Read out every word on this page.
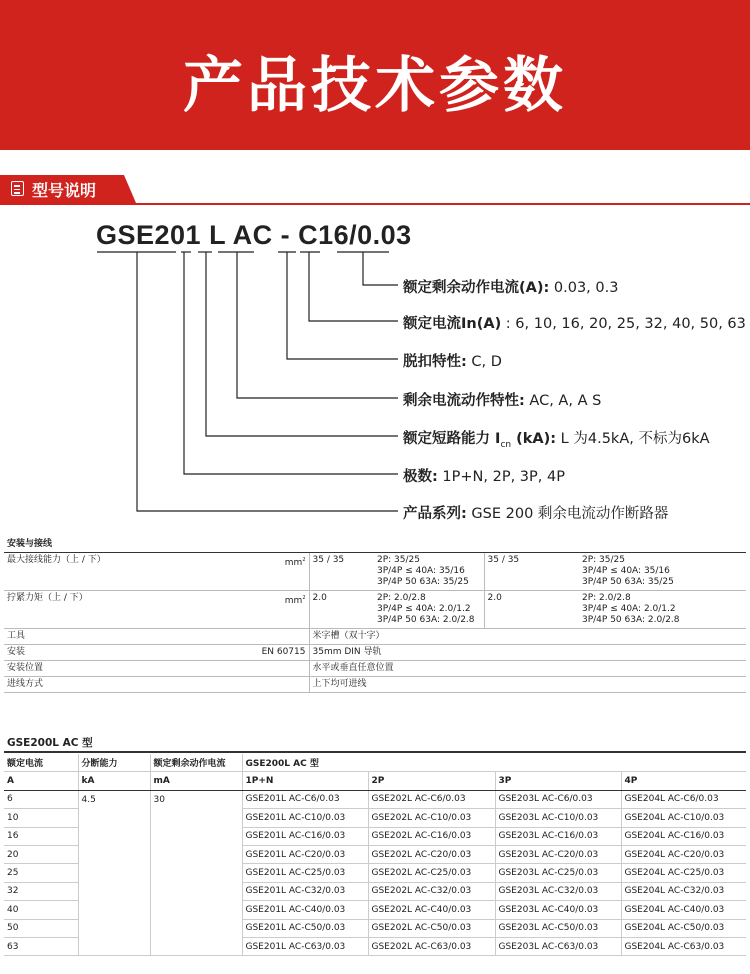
产品技术参数
型号说明
GSE201 L AC - C16/0.03
额定剩余动作电流(A): 0.03, 0.3
额定电流In(A) : 6, 10, 16, 20, 25, 32, 40, 50, 63
脱扣特性: C, D
剩余电流动作特性: AC, A, A S
额定短路能力 $I_{cn}$ (kA): L 为4.5kA, 不标为6kA
极数: 1P+N, 2P, 3P, 4P
产品系列: GSE 200 剩余电流动作断路器
安装与接线					
最大接线能力（上 / 下）	$mm^2$	35 / 35	2P: 35/25
3P/4P ≤ 40A: 35/16
3P/4P 50 63A: 35/25	35 / 35	2P: 35/25
3P/4P ≤ 40A: 35/16
3P/4P 50 63A: 35/25
拧紧力矩（上 / 下）	$mm^2$	2.0	2P: 2.0/2.8
3P/4P ≤ 40A: 2.0/1.2
3P/4P 50 63A: 2.0/2.8	2.0	2P: 2.0/2.8
3P/4P ≤ 40A: 2.0/1.2
3P/4P 50 63A: 2.0/2.8
工具		米字槽（双十字）			
安装	EN 60715	35mm DIN 导轨			
安装位置		水平或垂直任意位置			
进线方式		上下均可进线			
GSE200L AC 型
额定电流	分断能力	额定剩余动作电流	GSE200L AC 型			
A	kA	mA	1P+N	2P	3P	4P
6	4.5	30	GSE201L AC-C6/0.03	GSE202L AC-C6/0.03	GSE203L AC-C6/0.03	GSE204L AC-C6/0.03
10			GSE201L AC-C10/0.03	GSE202L AC-C10/0.03	GSE203L AC-C10/0.03	GSE204L AC-C10/0.03
16			GSE201L AC-C16/0.03	GSE202L AC-C16/0.03	GSE203L AC-C16/0.03	GSE204L AC-C16/0.03
20			GSE201L AC-C20/0.03	GSE202L AC-C20/0.03	GSE203L AC-C20/0.03	GSE204L AC-C20/0.03
25			GSE201L AC-C25/0.03	GSE202L AC-C25/0.03	GSE203L AC-C25/0.03	GSE204L AC-C25/0.03
32			GSE201L AC-C32/0.03	GSE202L AC-C32/0.03	GSE203L AC-C32/0.03	GSE204L AC-C32/0.03
40			GSE201L AC-C40/0.03	GSE202L AC-C40/0.03	GSE203L AC-C40/0.03	GSE204L AC-C40/0.03
50			GSE201L AC-C50/0.03	GSE202L AC-C50/0.03	GSE203L AC-C50/0.03	GSE204L AC-C50/0.03
63			GSE201L AC-C63/0.03	GSE202L AC-C63/0.03	GSE203L AC-C63/0.03	GSE204L AC-C63/0.03
